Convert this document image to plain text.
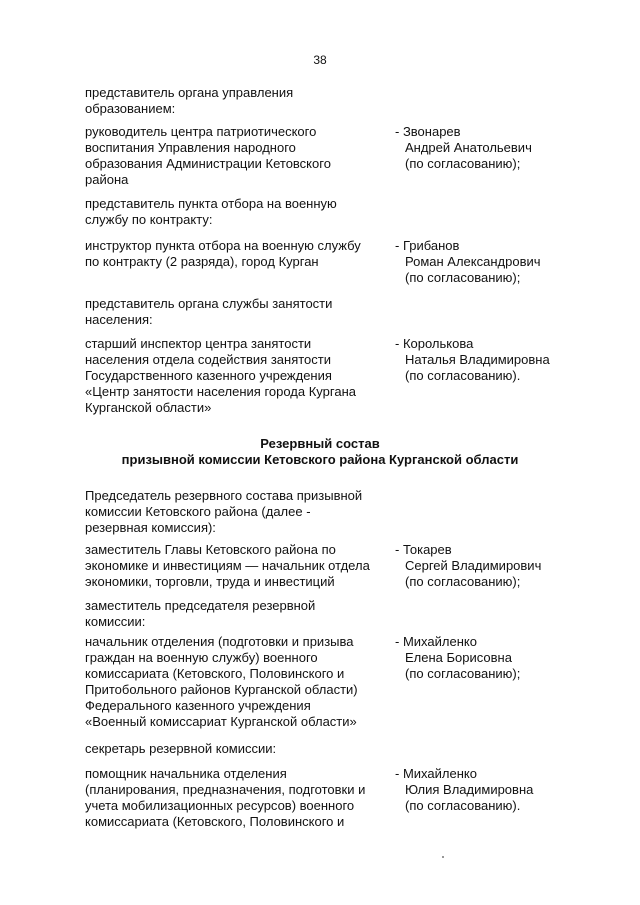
38
представитель органа управления
образованием:
руководитель центра патриотического
воспитания Управления народного
образования Администрации Кетовского
района
- Звонарев
Андрей Анатольевич
(по согласованию);
представитель пункта отбора на военную
службу по контракту:
инструктор пункта отбора на военную службу
по контракту (2 разряда), город Курган
- Грибанов
Роман Александрович
(по согласованию);
представитель органа службы занятости
населения:
старший инспектор центра занятости
населения отдела содействия занятости
Государственного казенного учреждения
«Центр занятости населения города Кургана
Курганской области»
- Королькова
Наталья Владимировна
(по согласованию).
Резервный состав
призывной комиссии Кетовского района Курганской области
Председатель резервного состава призывной
комиссии Кетовского района (далее -
резервная комиссия):
заместитель Главы Кетовского района по
экономике и инвестициям — начальник отдела
экономики, торговли, труда и инвестиций
- Токарев
Сергей Владимирович
(по согласованию);
заместитель председателя резервной
комиссии:
начальник отделения (подготовки и призыва
граждан на военную службу) военного
комиссариата (Кетовского, Половинского и
Притобольного районов Курганской области)
Федерального казенного учреждения
«Военный комиссариат Курганской области»
- Михайленко
Елена Борисовна
(по согласованию);
секретарь резервной комиссии:
помощник начальника отделения
(планирования, предназначения, подготовки и
учета мобилизационных ресурсов) военного
комиссариата (Кетовского, Половинского и
- Михайленко
Юлия Владимировна
(по согласованию).
